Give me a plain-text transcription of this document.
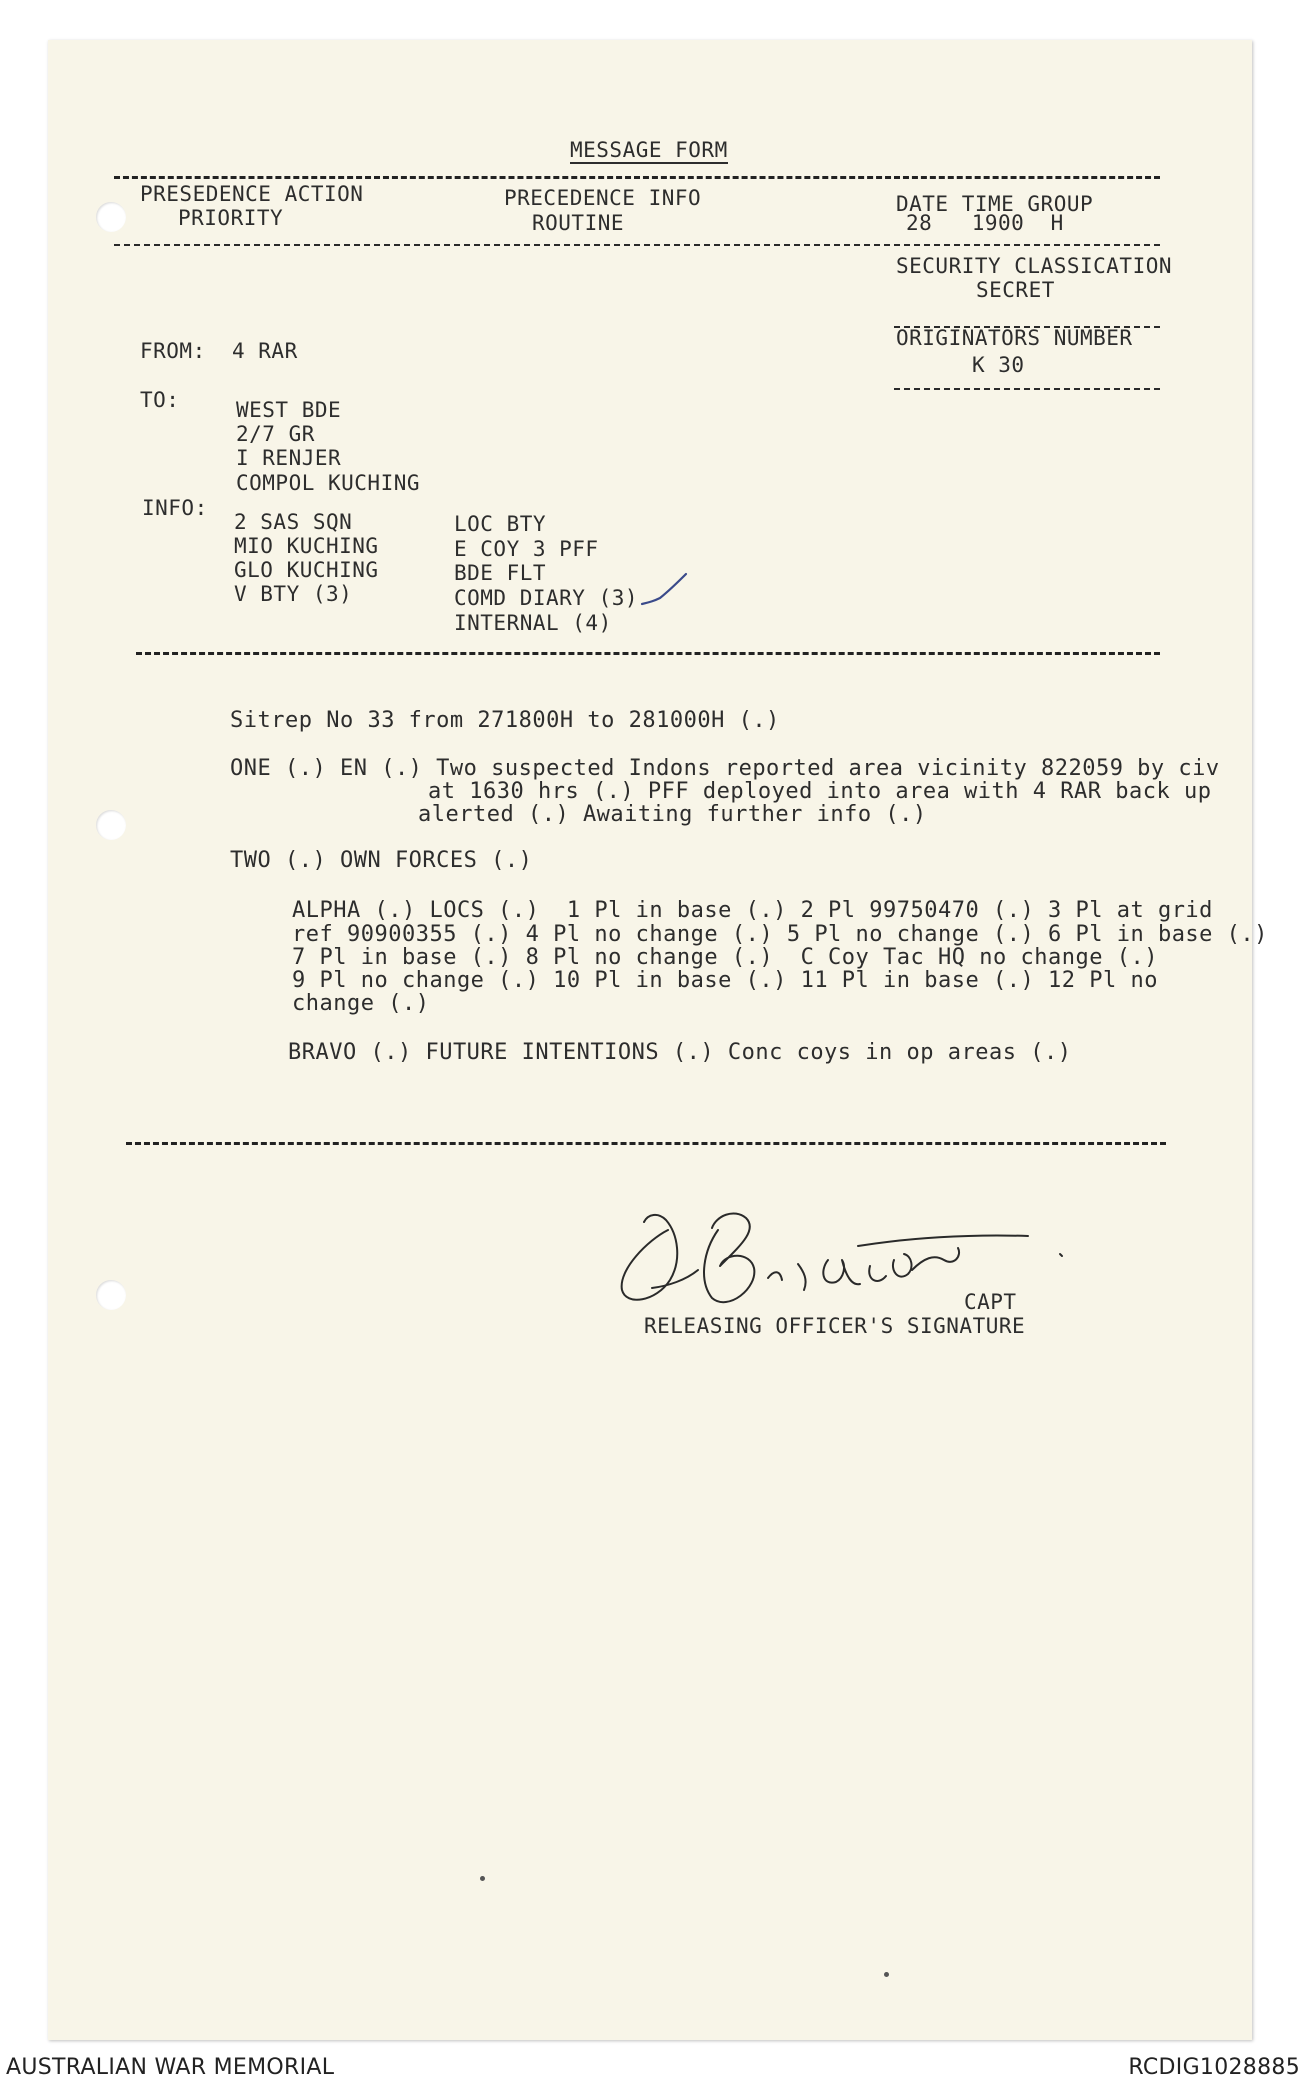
MESSAGE FORM
PRESEDENCE ACTION
PRIORITY
PRECEDENCE INFO
ROUTINE
DATE TIME GROUP
28   1900  H
SECURITY CLASSICATION
SECRET
ORIGINATORS NUMBER
K 30
FROM: 4 RAR
TO:	WEST BDE
2/7 GR
I RENJER
COMPOL KUCHING
INFO:
2 SAS SQN
MIO KUCHING
GLO KUCHING
V BTY (3)
LOC BTY
E COY 3 PFF
BDE FLT
COMD DIARY (3)
INTERNAL (4)
Sitrep No 33 from 271800H to 281000H (.)
ONE (.) EN (.) Two suspected Indons reported area vicinity 822059 by civ
at 1630 hrs (.) PFF deployed into area with 4 RAR back up
alerted (.) Awaiting further info (.)
TWO (.) OWN FORCES (.)
ALPHA (.) LOCS (.)  1 Pl in base (.) 2 Pl 99750470 (.) 3 Pl at grid
ref 90900355 (.) 4 Pl no change (.) 5 Pl no change (.) 6 Pl in base (.)
7 Pl in base (.) 8 Pl no change (.)  C Coy Tac HQ no change (.)
9 Pl no change (.) 10 Pl in base (.) 11 Pl in base (.) 12 Pl no
change (.)
BRAVO (.) FUTURE INTENTIONS (.) Conc coys in op areas (.)
CAPT
RELEASING OFFICER'S SIGNATURE
AUSTRALIAN WAR MEMORIAL	RCDIG1028885
